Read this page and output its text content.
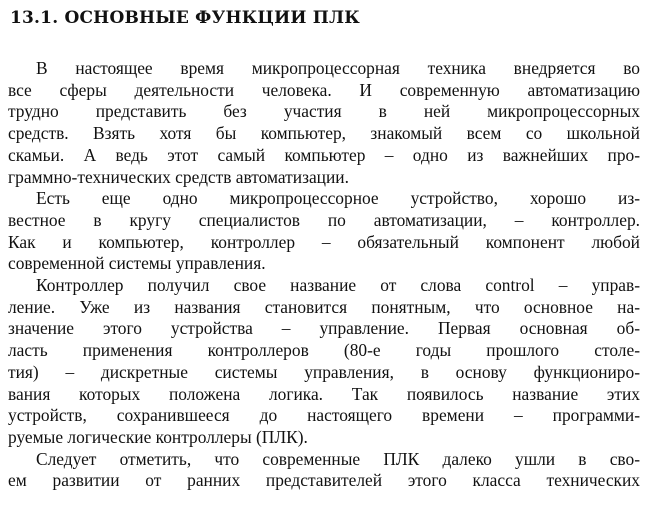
13.1. ОСНОВНЫЕ ФУНКЦИИ ПЛК
В настоящее время микропроцессорная техника внедряется во
все сферы деятельности человека. И современную автоматизацию
трудно представить без участия в ней микропроцессорных
средств. Взять хотя бы компьютер, знакомый всем со школьной
скамьи. А ведь этот самый компьютер – одно из важнейших про-
граммно-технических средств автоматизации.
Есть еще одно микропроцессорное устройство, хорошо из-
вестное в кругу специалистов по автоматизации, – контроллер.
Как и компьютер, контроллер – обязательный компонент любой
современной системы управления.
Контроллер получил свое название от слова control – управ-
ление. Уже из названия становится понятным, что основное на-
значение этого устройства – управление. Первая основная об-
ласть применения контроллеров (80-е годы прошлого столе-
тия) – дискретные системы управления, в основу функциониро-
вания которых положена логика. Так появилось название этих
устройств, сохранившееся до настоящего времени – программи-
руемые логические контроллеры (ПЛК).
Следует отметить, что современные ПЛК далеко ушли в сво-
ем развитии от ранних представителей этого класса технических
